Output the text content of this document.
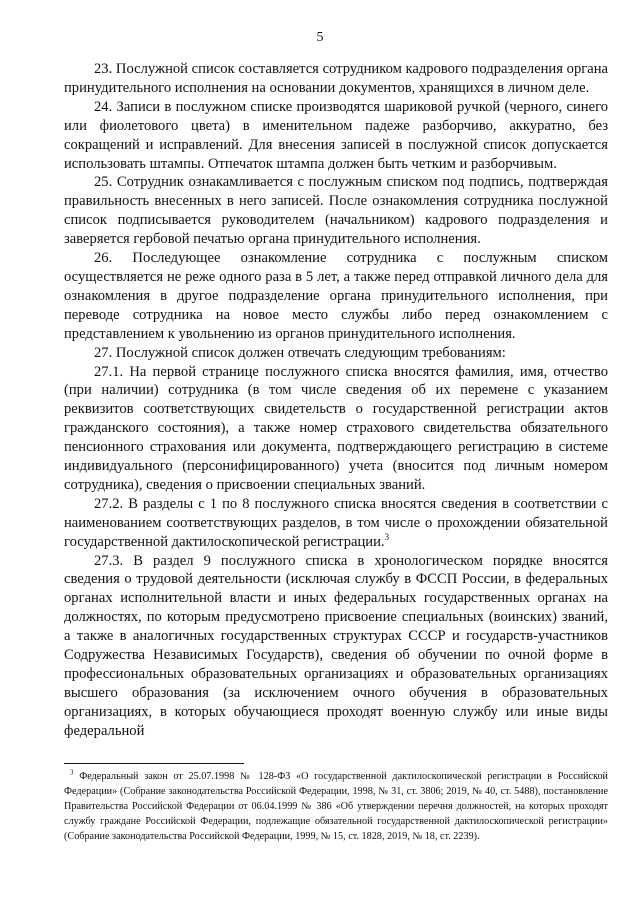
5

23. Послужной список составляется сотрудником кадрового подразделения органа принудительного исполнения на основании документов, хранящихся в личном деле.

24. Записи в послужном списке производятся шариковой ручкой (черного, синего или фиолетового цвета) в именительном падеже разборчиво, аккуратно, без сокращений и исправлений. Для внесения записей в послужной список допускается использовать штампы. Отпечаток штампа должен быть четким и разборчивым.

25. Сотрудник ознакамливается с послужным списком под подпись, подтверждая правильность внесенных в него записей. После ознакомления сотрудника послужной список подписывается руководителем (начальником) кадрового подразделения и заверяется гербовой печатью органа принудительного исполнения.

26. Последующее ознакомление сотрудника с послужным списком осуществляется не реже одного раза в 5 лет, а также перед отправкой личного дела для ознакомления в другое подразделение органа принудительного исполнения, при переводе сотрудника на новое место службы либо перед ознакомлением с представлением к увольнению из органов принудительного исполнения.

27. Послужной список должен отвечать следующим требованиям:

27.1. На первой странице послужного списка вносятся фамилия, имя, отчество (при наличии) сотрудника (в том числе сведения об их перемене с указанием реквизитов соответствующих свидетельств о государственной регистрации актов гражданского состояния), а также номер страхового свидетельства обязательного пенсионного страхования или документа, подтверждающего регистрацию в системе индивидуального (персонифицированного) учета (вносится под личным номером сотрудника), сведения о присвоении специальных званий.

27.2. В разделы с 1 по 8 послужного списка вносятся сведения в соответствии с наименованием соответствующих разделов, в том числе о прохождении обязательной государственной дактилоскопической регистрации.$^3$

27.3. В раздел 9 послужного списка в хронологическом порядке вносятся сведения о трудовой деятельности (исключая службу в ФССП России, в федеральных органах исполнительной власти и иных федеральных государственных органах на должностях, по которым предусмотрено присвоение специальных (воинских) званий, а также в аналогичных государственных структурах СССР и государств-участников Содружества Независимых Государств), сведения об обучении по очной форме в профессиональных образовательных организациях и образовательных организациях высшего образования (за исключением очного обучения в образовательных организациях, в которых обучающиеся проходят военную службу или иные виды федеральной

$^3$ Федеральный закон от 25.07.1998 № 128-ФЗ «О государственной дактилоскопической регистрации в Российской Федерации» (Собрание законодательства Российской Федерации, 1998, № 31, ст. 3806; 2019, № 40, ст. 5488), постановление Правительства Российской Федерации от 06.04.1999 № 386 «Об утверждении перечня должностей, на которых проходят службу граждане Российской Федерации, подлежащие обязательной государственной дактилоскопической регистрации» (Собрание законодательства Российской Федерации, 1999, № 15, ст. 1828, 2019, № 18, ст. 2239).
